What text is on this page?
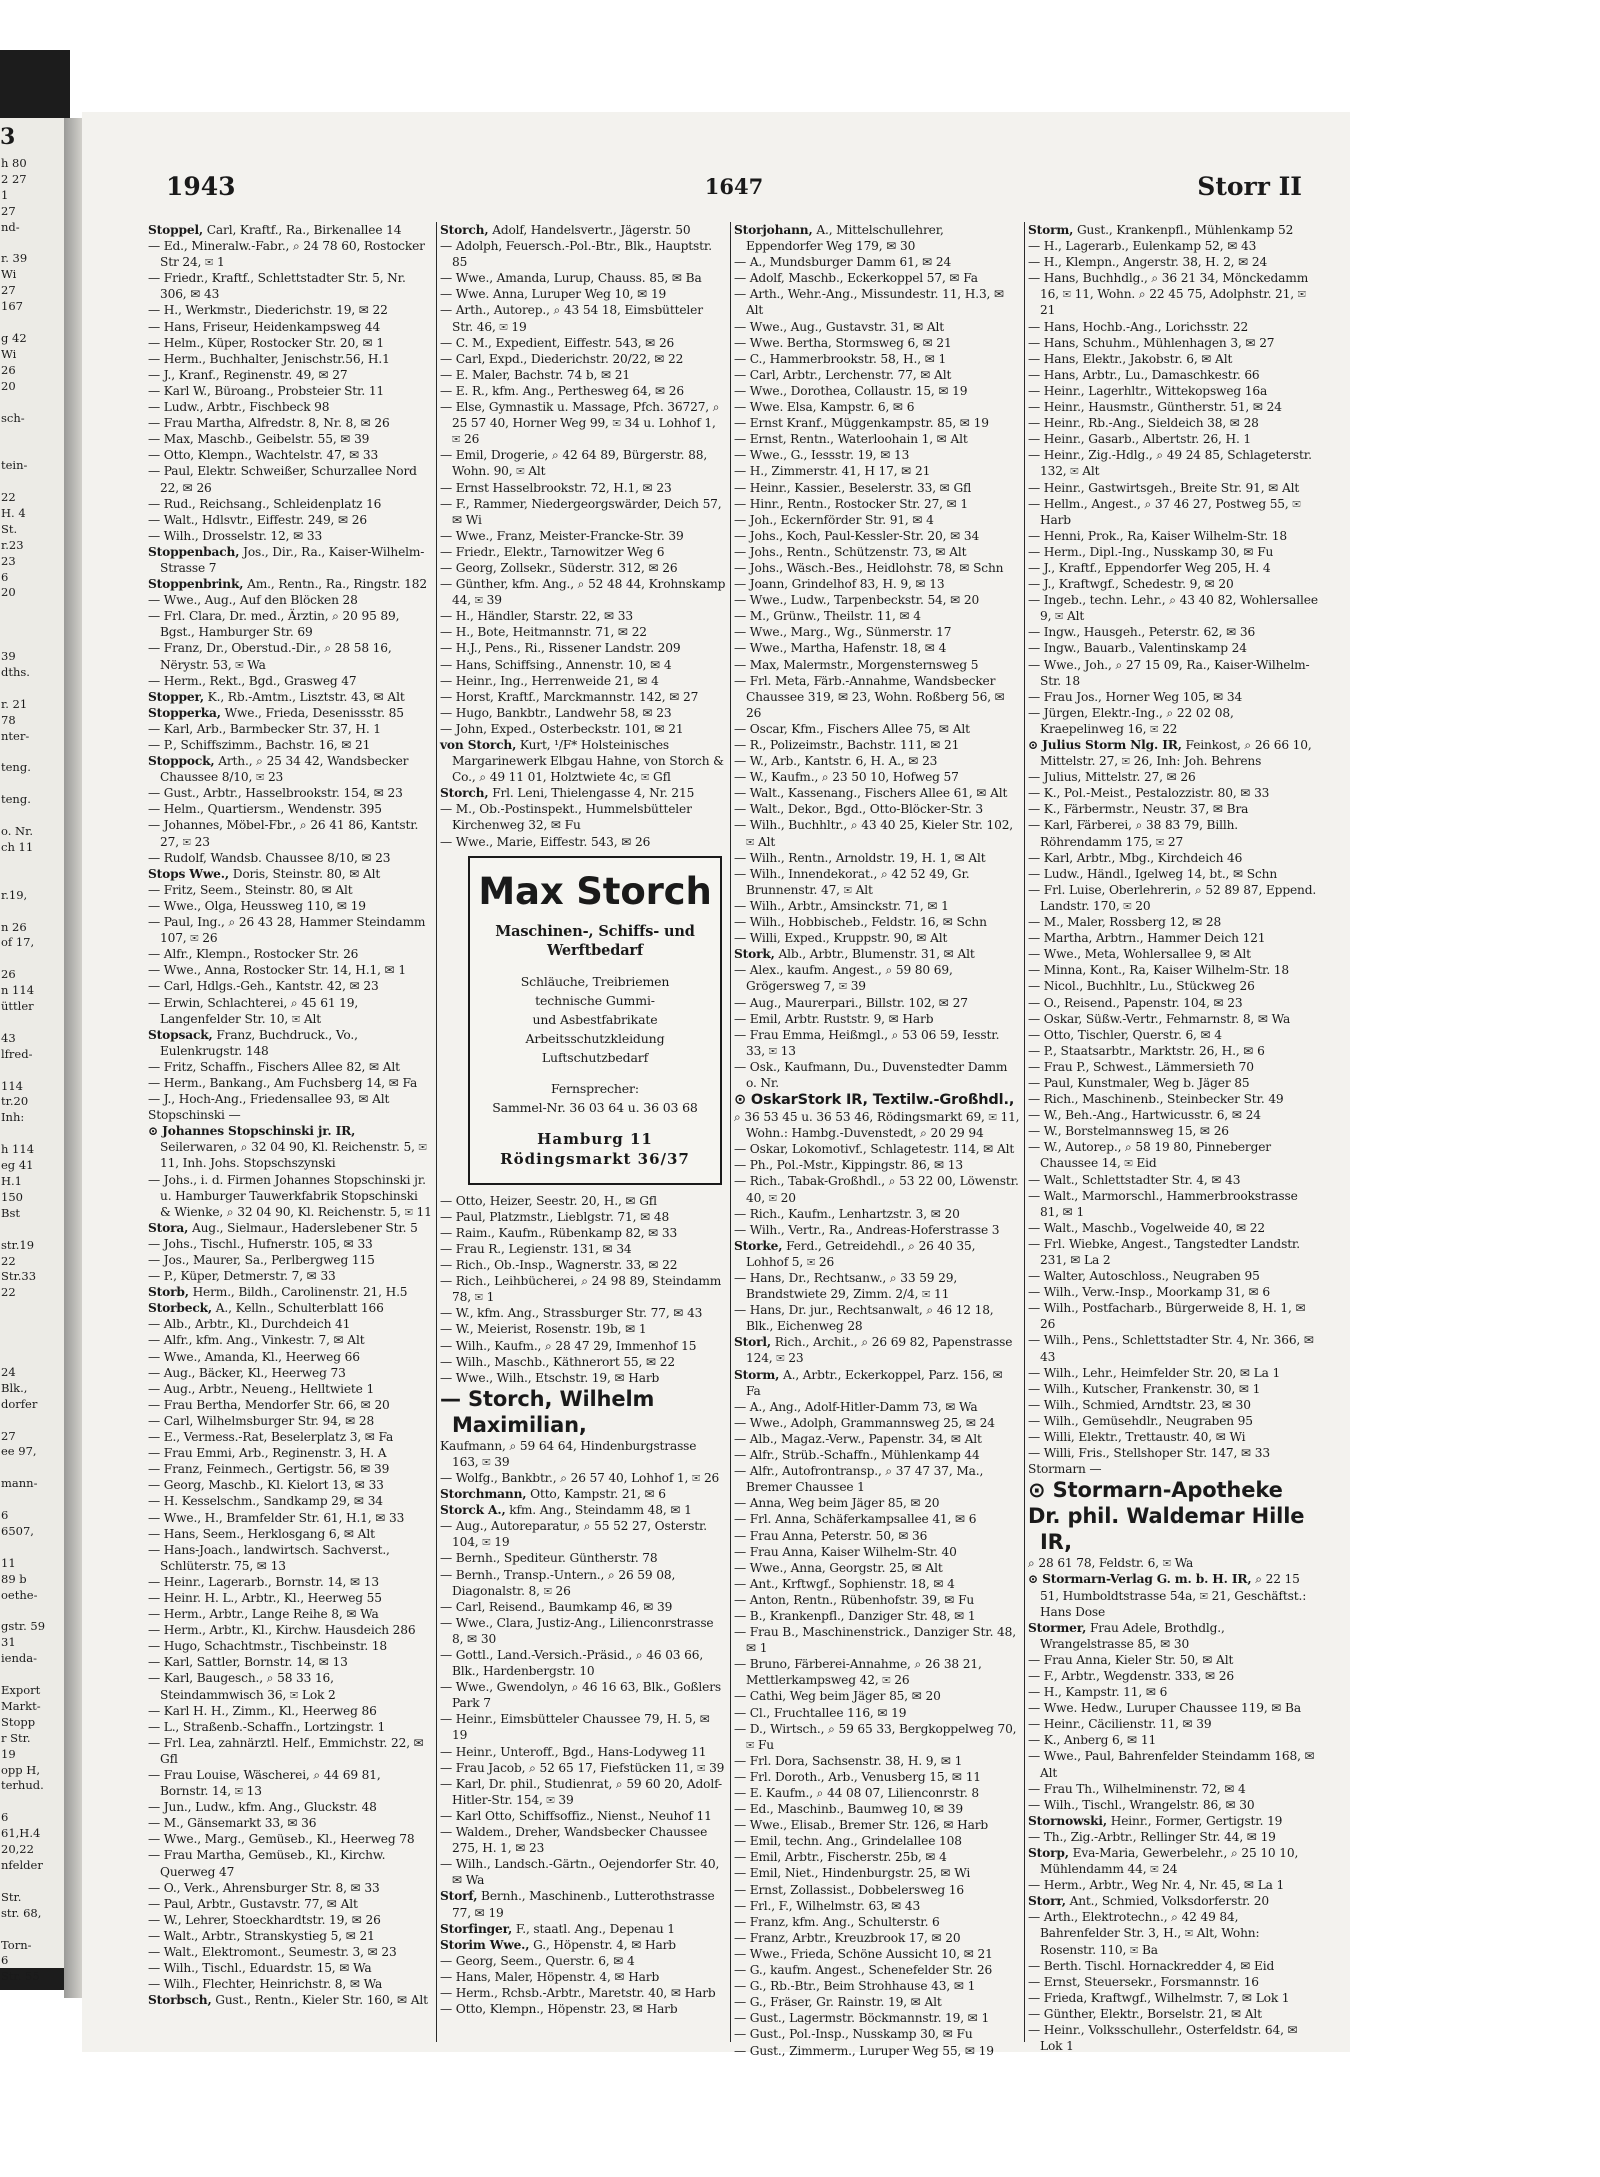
3
h 80
2 27
1
27
nd-

r. 39
Wi
27
167

g 42
Wi
26
20

sch-

tein-

22
H. 4
St.
r.23
23
6
20

39
dths.

r. 21
78
nter-

teng.

teng.

o. Nr.
ch 11

r.19,

n 26
of 17,

26
n 114
üttler

43
lfred-

114
tr.20
Inh:

h 114
eg 41
H.1
150
Bst

str.19
22
Str.33
22

24
Blk.,
dorfer

27
ee 97,

mann-

6
6507,

11
89 b
oethe-

gstr. 59
31
ienda-

Export
Markt-
Stopp
r Str.
19
opp H,
terhud.

6
61,H.4
20,22
nfelder

Str.
str. 68,

Torn-
6
Str. 55
1943	1647	Storr II
Stoppel, Carl, Kraftf., Ra., Birkenallee 14
— Ed., Mineralw.-Fabr., ⌕ 24 78 60, Rostocker Str 24, ✉ 1
— Friedr., Kraftf., Schlettstadter Str. 5, Nr. 306, ✉ 43
— H., Werkmstr., Diederichstr. 19, ✉ 22
— Hans, Friseur, Heidenkampsweg 44
— Helm., Küper, Rostocker Str. 20, ✉ 1
— Herm., Buchhalter, Jenischstr.56, H.1
— J., Kranf., Reginenstr. 49, ✉ 27
— Karl W., Büroang., Probsteier Str. 11
— Ludw., Arbtr., Fischbeck 98
— Frau Martha, Alfredstr. 8, Nr. 8, ✉ 26
— Max, Maschb., Geibelstr. 55, ✉ 39
— Otto, Klempn., Wachtelstr. 47, ✉ 33
— Paul, Elektr. Schweißer, Schurzallee Nord 22, ✉ 26
— Rud., Reichsang., Schleidenplatz 16
— Walt., Hdlsvtr., Eiffestr. 249, ✉ 26
— Wilh., Drosselstr. 12, ✉ 33
Stoppenbach, Jos., Dir., Ra., Kaiser-Wilhelm-Strasse 7
Stoppenbrink, Am., Rentn., Ra., Ringstr. 182
— Wwe., Aug., Auf den Blöcken 28
— Frl. Clara, Dr. med., Ärztin, ⌕ 20 95 89, Bgst., Hamburger Str. 69
— Franz, Dr., Oberstud.-Dir., ⌕ 28 58 16, Nërystr. 53, ✉ Wa
— Herm., Rekt., Bgd., Grasweg 47
Stopper, K., Rb.-Amtm., Lisztstr. 43, ✉ Alt
Stopperka, Wwe., Frieda, Desenissstr. 85
— Karl, Arb., Barmbecker Str. 37, H. 1
— P., Schiffszimm., Bachstr. 16, ✉ 21
Stoppock, Arth., ⌕ 25 34 42, Wandsbecker Chaussee 8/10, ✉ 23
— Gust., Arbtr., Hasselbrookstr. 154, ✉ 23
— Helm., Quartiersm., Wendenstr. 395
— Johannes, Möbel-Fbr., ⌕ 26 41 86, Kantstr. 27, ✉ 23
— Rudolf, Wandsb. Chaussee 8/10, ✉ 23
Stops Wwe., Doris, Steinstr. 80, ✉ Alt
— Fritz, Seem., Steinstr. 80, ✉ Alt
— Wwe., Olga, Heussweg 110, ✉ 19
— Paul, Ing., ⌕ 26 43 28, Hammer Steindamm 107, ✉ 26
— Alfr., Klempn., Rostocker Str. 26
— Wwe., Anna, Rostocker Str. 14, H.1, ✉ 1
— Carl, Hdlgs.-Geh., Kantstr. 42, ✉ 23
— Erwin, Schlachterei, ⌕ 45 61 19, Langenfelder Str. 10, ✉ Alt
Stopsack, Franz, Buchdruck., Vo., Eulenkrugstr. 148
— Fritz, Schaffn., Fischers Allee 82, ✉ Alt
— Herm., Bankang., Am Fuchsberg 14, ✉ Fa
— J., Hoch-Ang., Friedensallee 93, ✉ Alt
Stopschinski —
⊙ Johannes Stopschinski jr. IR, Seilerwaren, ⌕ 32 04 90, Kl. Reichenstr. 5, ✉ 11, Inh. Johs. Stopschszynski
— Johs., i. d. Firmen Johannes Stopschinski jr. u. Hamburger Tauwerkfabrik Stopschinski & Wienke, ⌕ 32 04 90, Kl. Reichenstr. 5, ✉ 11
Stora, Aug., Sielmaur., Haderslebener Str. 5
— Johs., Tischl., Hufnerstr. 105, ✉ 33
— Jos., Maurer, Sa., Perlbergweg 115
— P., Küper, Detmerstr. 7, ✉ 33
Storb, Herm., Bildh., Carolinenstr. 21, H.5
Storbeck, A., Kelln., Schulterblatt 166
— Alb., Arbtr., Kl., Durchdeich 41
— Alfr., kfm. Ang., Vinkestr. 7, ✉ Alt
— Wwe., Amanda, Kl., Heerweg 66
— Aug., Bäcker, Kl., Heerweg 73
— Aug., Arbtr., Neueng., Helltwiete 1
— Frau Bertha, Mendorfer Str. 66, ✉ 20
— Carl, Wilhelmsburger Str. 94, ✉ 28
— E., Vermess.-Rat, Beselerplatz 3, ✉ Fa
— Frau Emmi, Arb., Reginenstr. 3, H. A
— Franz, Feinmech., Gertigstr. 56, ✉ 39
— Georg, Maschb., Kl. Kielort 13, ✉ 33
— H. Kesselschm., Sandkamp 29, ✉ 34
— Wwe., H., Bramfelder Str. 61, H.1, ✉ 33
— Hans, Seem., Herklosgang 6, ✉ Alt
— Hans-Joach., landwirtsch. Sachverst., Schlüterstr. 75, ✉ 13
— Heinr., Lagerarb., Bornstr. 14, ✉ 13
— Heinr. H. L., Arbtr., Kl., Heerweg 55
— Herm., Arbtr., Lange Reihe 8, ✉ Wa
— Herm., Arbtr., Kl., Kirchw. Hausdeich 286
— Hugo, Schachtmstr., Tischbeinstr. 18
— Karl, Sattler, Bornstr. 14, ✉ 13
— Karl, Baugesch., ⌕ 58 33 16, Steindammwisch 36, ✉ Lok 2
— Karl H. H., Zimm., Kl., Heerweg 86
— L., Straßenb.-Schaffn., Lortzingstr. 1
— Frl. Lea, zahnärztl. Helf., Emmichstr. 22, ✉ Gfl
— Frau Louise, Wäscherei, ⌕ 44 69 81, Bornstr. 14, ✉ 13
— Jun., Ludw., kfm. Ang., Gluckstr. 48
— M., Gänsemarkt 33, ✉ 36
— Wwe., Marg., Gemüseb., Kl., Heerweg 78
— Frau Martha, Gemüseb., Kl., Kirchw. Querweg 47
— O., Verk., Ahrensburger Str. 8, ✉ 33
— Paul, Arbtr., Gustavstr. 77, ✉ Alt
— W., Lehrer, Stoeckhardtstr. 19, ✉ 26
— Walt., Arbtr., Stranskystieg 5, ✉ 21
— Walt., Elektromont., Seumestr. 3, ✉ 23
— Wilh., Tischl., Eduardstr. 15, ✉ Wa
— Wilh., Flechter, Heinrichstr. 8, ✉ Wa
Storbsch, Gust., Rentn., Kieler Str. 160, ✉ Alt
Storch, Adolf, Handelsvertr., Jägerstr. 50
— Adolph, Feuersch.-Pol.-Btr., Blk., Hauptstr. 85
— Wwe., Amanda, Lurup, Chauss. 85, ✉ Ba
— Wwe. Anna, Luruper Weg 10, ✉ 19
— Arth., Autorep., ⌕ 43 54 18, Eimsbütteler Str. 46, ✉ 19
— C. M., Expedient, Eiffestr. 543, ✉ 26
— Carl, Expd., Diederichstr. 20/22, ✉ 22
— E. Maler, Bachstr. 74 b, ✉ 21
— E. R., kfm. Ang., Perthesweg 64, ✉ 26
— Else, Gymnastik u. Massage, Pfch. 36727, ⌕ 25 57 40, Horner Weg 99, ✉ 34 u. Lohhof 1, ✉ 26
— Emil, Drogerie, ⌕ 42 64 89, Bürgerstr. 88, Wohn. 90, ✉ Alt
— Ernst Hasselbrookstr. 72, H.1, ✉ 23
— F., Rammer, Niedergeorgswärder, Deich 57, ✉ Wi
— Wwe., Franz, Meister-Francke-Str. 39
— Friedr., Elektr., Tarnowitzer Weg 6
— Georg, Zollsekr., Süderstr. 312, ✉ 26
— Günther, kfm. Ang., ⌕ 52 48 44, Krohnskamp 44, ✉ 39
— H., Händler, Starstr. 22, ✉ 33
— H., Bote, Heitmannstr. 71, ✉ 22
— H.J., Pens., Ri., Rissener Landstr. 209
— Hans, Schiffsing., Annenstr. 10, ✉ 4
— Heinr., Ing., Herrenweide 21, ✉ 4
— Horst, Kraftf., Marckmannstr. 142, ✉ 27
— Hugo, Bankbtr., Landwehr 58, ✉ 23
— John, Exped., Osterbeckstr. 101, ✉ 21
von Storch, Kurt, ¹/F* Holsteinisches Margarinewerk Elbgau Hahne, von Storch & Co., ⌕ 49 11 01, Holztwiete 4c, ✉ Gfl
Storch, Frl. Leni, Thielengasse 4, Nr. 215
— M., Ob.-Postinspekt., Hummelsbütteler Kirchenweg 32, ✉ Fu
— Wwe., Marie, Eiffestr. 543, ✉ 26
Max Storch
Maschinen-, Schiffs- und
Werftbedarf
Schläuche, Treibriemen
technische Gummi-
und Asbestfabrikate
Arbeitsschutzkleidung
Luftschutzbedarf
Fernsprecher:
Sammel-Nr. 36 03 64 u. 36 03 68
Hamburg 11
Rödingsmarkt 36/37
— Otto, Heizer, Seestr. 20, H., ✉ Gfl
— Paul, Platzmstr., Lieblgstr. 71, ✉ 48
— Raim., Kaufm., Rübenkamp 82, ✉ 33
— Frau R., Legienstr. 131, ✉ 34
— Rich., Ob.-Insp., Wagnerstr. 33, ✉ 22
— Rich., Leihbücherei, ⌕ 24 98 89, Steindamm 78, ✉ 1
— W., kfm. Ang., Strassburger Str. 77, ✉ 43
— W., Meierist, Rosenstr. 19b, ✉ 1
— Wilh., Kaufm., ⌕ 28 47 29, Immenhof 15
— Wilh., Maschb., Käthnerort 55, ✉ 22
— Wwe., Wilh., Etschstr. 19, ✉ Harb
— Storch, Wilhelm Maximilian,
Kaufmann, ⌕ 59 64 64, Hindenburgstrasse 163, ✉ 39
— Wolfg., Bankbtr., ⌕ 26 57 40, Lohhof 1, ✉ 26
Storchmann, Otto, Kampstr. 21, ✉ 6
Storck A., kfm. Ang., Steindamm 48, ✉ 1
— Aug., Autoreparatur, ⌕ 55 52 27, Osterstr. 104, ✉ 19
— Bernh., Spediteur. Güntherstr. 78
— Bernh., Transp.-Untern., ⌕ 26 59 08, Diagonalstr. 8, ✉ 26
— Carl, Reisend., Baumkamp 46, ✉ 39
— Wwe., Clara, Justiz-Ang., Lilienconrstrasse 8, ✉ 30
— Gottl., Land.-Versich.-Präsid., ⌕ 46 03 66, Blk., Hardenbergstr. 10
— Wwe., Gwendolyn, ⌕ 46 16 63, Blk., Goßlers Park 7
— Heinr., Eimsbütteler Chaussee 79, H. 5, ✉ 19
— Heinr., Unteroff., Bgd., Hans-Lodyweg 11
— Frau Jacob, ⌕ 52 65 17, Fiefstücken 11, ✉ 39
— Karl, Dr. phil., Studienrat, ⌕ 59 60 20, Adolf-Hitler-Str. 154, ✉ 39
— Karl Otto, Schiffsoffiz., Nienst., Neuhof 11
— Waldem., Dreher, Wandsbecker Chaussee 275, H. 1, ✉ 23
— Wilh., Landsch.-Gärtn., Oejendorfer Str. 40, ✉ Wa
Storf, Bernh., Maschinenb., Lutterothstrasse 77, ✉ 19
Storfinger, F., staatl. Ang., Depenau 1
Storim Wwe., G., Höpenstr. 4, ✉ Harb
— Georg, Seem., Querstr. 6, ✉ 4
— Hans, Maler, Höpenstr. 4, ✉ Harb
— Herm., Rchsb.-Arbtr., Maretstr. 40, ✉ Harb
— Otto, Klempn., Höpenstr. 23, ✉ Harb
Storjohann, A., Mittelschullehrer, Eppendorfer Weg 179, ✉ 30
— A., Mundsburger Damm 61, ✉ 24
— Adolf, Maschb., Eckerkoppel 57, ✉ Fa
— Arth., Wehr.-Ang., Missundestr. 11, H.3, ✉ Alt
— Wwe., Aug., Gustavstr. 31, ✉ Alt
— Wwe. Bertha, Stormsweg 6, ✉ 21
— C., Hammerbrookstr. 58, H., ✉ 1
— Carl, Arbtr., Lerchenstr. 77, ✉ Alt
— Wwe., Dorothea, Collaustr. 15, ✉ 19
— Wwe. Elsa, Kampstr. 6, ✉ 6
— Ernst Kranf., Müggenkampstr. 85, ✉ 19
— Ernst, Rentn., Waterloohain 1, ✉ Alt
— Wwe., G., Iessstr. 19, ✉ 13
— H., Zimmerstr. 41, H 17, ✉ 21
— Heinr., Kassier., Beselerstr. 33, ✉ Gfl
— Hinr., Rentn., Rostocker Str. 27, ✉ 1
— Joh., Eckernförder Str. 91, ✉ 4
— Johs., Koch, Paul-Kessler-Str. 20, ✉ 34
— Johs., Rentn., Schützenstr. 73, ✉ Alt
— Johs., Wäsch.-Bes., Heidlohstr. 78, ✉ Schn
— Joann, Grindelhof 83, H. 9, ✉ 13
— Wwe., Ludw., Tarpenbeckstr. 54, ✉ 20
— M., Grünw., Theilstr. 11, ✉ 4
— Wwe., Marg., Wg., Sünmerstr. 17
— Wwe., Martha, Hafenstr. 18, ✉ 4
— Max, Malermstr., Morgensternsweg 5
— Frl. Meta, Färb.-Annahme, Wandsbecker Chaussee 319, ✉ 23, Wohn. Roßberg 56, ✉ 26
— Oscar, Kfm., Fischers Allee 75, ✉ Alt
— R., Polizeimstr., Bachstr. 111, ✉ 21
— W., Arb., Kantstr. 6, H. A., ✉ 23
— W., Kaufm., ⌕ 23 50 10, Hofweg 57
— Walt., Kassenang., Fischers Allee 61, ✉ Alt
— Walt., Dekor., Bgd., Otto-Blöcker-Str. 3
— Wilh., Buchhltr., ⌕ 43 40 25, Kieler Str. 102, ✉ Alt
— Wilh., Rentn., Arnoldstr. 19, H. 1, ✉ Alt
— Wilh., Innendekorat., ⌕ 42 52 49, Gr. Brunnenstr. 47, ✉ Alt
— Wilh., Arbtr., Amsinckstr. 71, ✉ 1
— Wilh., Hobbischeb., Feldstr. 16, ✉ Schn
— Willi, Exped., Kruppstr. 90, ✉ Alt
Stork, Alb., Arbtr., Blumenstr. 31, ✉ Alt
— Alex., kaufm. Angest., ⌕ 59 80 69, Grögersweg 7, ✉ 39
— Aug., Maurerpari., Billstr. 102, ✉ 27
— Emil, Arbtr. Ruststr. 9, ✉ Harb
— Frau Emma, Heißmgl., ⌕ 53 06 59, Iesstr. 33, ✉ 13
— Osk., Kaufmann, Du., Duvenstedter Damm o. Nr.
⊙ OskarStork IR, Textilw.-Großhdl.,
⌕ 36 53 45 u. 36 53 46, Rödingsmarkt 69, ✉ 11, Wohn.: Hambg.-Duvenstedt, ⌕ 20 29 94
— Oskar, Lokomotivf., Schlagetestr. 114, ✉ Alt
— Ph., Pol.-Mstr., Kippingstr. 86, ✉ 13
— Rich., Tabak-Großhdl., ⌕ 53 22 00, Löwenstr. 40, ✉ 20
— Rich., Kaufm., Lenhartzstr. 3, ✉ 20
— Wilh., Vertr., Ra., Andreas-Hoferstrasse 3
Storke, Ferd., Getreidehdl., ⌕ 26 40 35, Lohhof 5, ✉ 26
— Hans, Dr., Rechtsanw., ⌕ 33 59 29, Brandstwiete 29, Zimm. 2/4, ✉ 11
— Hans, Dr. jur., Rechtsanwalt, ⌕ 46 12 18, Blk., Eichenweg 28
Storl, Rich., Archit., ⌕ 26 69 82, Papenstrasse 124, ✉ 23
Storm, A., Arbtr., Eckerkoppel, Parz. 156, ✉ Fa
— A., Ang., Adolf-Hitler-Damm 73, ✉ Wa
— Wwe., Adolph, Grammannsweg 25, ✉ 24
— Alb., Magaz.-Verw., Papenstr. 34, ✉ Alt
— Alfr., Strüb.-Schaffn., Mühlenkamp 44
— Alfr., Autofrontransp., ⌕ 37 47 37, Ma., Bremer Chaussee 1
— Anna, Weg beim Jäger 85, ✉ 20
— Frl. Anna, Schäferkampsallee 41, ✉ 6
— Frau Anna, Peterstr. 50, ✉ 36
— Frau Anna, Kaiser Wilhelm-Str. 40
— Wwe., Anna, Georgstr. 25, ✉ Alt
— Ant., Krftwgf., Sophienstr. 18, ✉ 4
— Anton, Rentn., Rübenhofstr. 39, ✉ Fu
— B., Krankenpfl., Danziger Str. 48, ✉ 1
— Frau B., Maschinenstrick., Danziger Str. 48, ✉ 1
— Bruno, Färberei-Annahme, ⌕ 26 38 21, Mettlerkampsweg 42, ✉ 26
— Cathi, Weg beim Jäger 85, ✉ 20
— Cl., Fruchtallee 116, ✉ 19
— D., Wirtsch., ⌕ 59 65 33, Bergkoppelweg 70, ✉ Fu
— Frl. Dora, Sachsenstr. 38, H. 9, ✉ 1
— Frl. Doroth., Arb., Venusberg 15, ✉ 11
— E. Kaufm., ⌕ 44 08 07, Lilienconrstr. 8
— Ed., Maschinb., Baumweg 10, ✉ 39
— Wwe., Elisab., Bremer Str. 126, ✉ Harb
— Emil, techn. Ang., Grindelallee 108
— Emil, Arbtr., Fischerstr. 25b, ✉ 4
— Emil, Niet., Hindenburgstr. 25, ✉ Wi
— Ernst, Zollassist., Dobbelersweg 16
— Frl., F., Wilhelmstr. 63, ✉ 43
— Franz, kfm. Ang., Schulterstr. 6
— Franz, Arbtr., Kreuzbrook 17, ✉ 20
— Wwe., Frieda, Schöne Aussicht 10, ✉ 21
— G., kaufm. Angest., Schenefelder Str. 26
— G., Rb.-Btr., Beim Strohhause 43, ✉ 1
— G., Fräser, Gr. Rainstr. 19, ✉ Alt
— Gust., Lagermstr. Böckmannstr. 19, ✉ 1
— Gust., Pol.-Insp., Nusskamp 30, ✉ Fu
— Gust., Zimmerm., Luruper Weg 55, ✉ 19
Storm, Gust., Krankenpfl., Mühlenkamp 52
— H., Lagerarb., Eulenkamp 52, ✉ 43
— H., Klempn., Angerstr. 38, H. 2, ✉ 24
— Hans, Buchhdlg., ⌕ 36 21 34, Mönckedamm 16, ✉ 11, Wohn. ⌕ 22 45 75, Adolphstr. 21, ✉ 21
— Hans, Hochb.-Ang., Lorichsstr. 22
— Hans, Schuhm., Mühlenhagen 3, ✉ 27
— Hans, Elektr., Jakobstr. 6, ✉ Alt
— Hans, Arbtr., Lu., Damaschkestr. 66
— Heinr., Lagerhltr., Wittekopsweg 16a
— Heinr., Hausmstr., Güntherstr. 51, ✉ 24
— Heinr., Rb.-Ang., Sieldeich 38, ✉ 28
— Heinr., Gasarb., Albertstr. 26, H. 1
— Heinr., Zig.-Hdlg., ⌕ 49 24 85, Schlageterstr. 132, ✉ Alt
— Heinr., Gastwirtsgeh., Breite Str. 91, ✉ Alt
— Hellm., Angest., ⌕ 37 46 27, Postweg 55, ✉ Harb
— Henni, Prok., Ra, Kaiser Wilhelm-Str. 18
— Herm., Dipl.-Ing., Nusskamp 30, ✉ Fu
— J., Kraftf., Eppendorfer Weg 205, H. 4
— J., Kraftwgf., Schedestr. 9, ✉ 20
— Ingeb., techn. Lehr., ⌕ 43 40 82, Wohlersallee 9, ✉ Alt
— Ingw., Hausgeh., Peterstr. 62, ✉ 36
— Ingw., Bauarb., Valentinskamp 24
— Wwe., Joh., ⌕ 27 15 09, Ra., Kaiser-Wilhelm-Str. 18
— Frau Jos., Horner Weg 105, ✉ 34
— Jürgen, Elektr.-Ing., ⌕ 22 02 08, Kraepelinweg 16, ✉ 22
⊙ Julius Storm Nlg. IR, Feinkost, ⌕ 26 66 10, Mittelstr. 27, ✉ 26, Inh: Joh. Behrens
— Julius, Mittelstr. 27, ✉ 26
— K., Pol.-Meist., Pestalozzistr. 80, ✉ 33
— K., Färbermstr., Neustr. 37, ✉ Bra
— Karl, Färberei, ⌕ 38 83 79, Billh. Röhrendamm 175, ✉ 27
— Karl, Arbtr., Mbg., Kirchdeich 46
— Ludw., Händl., Igelweg 14, bt., ✉ Schn
— Frl. Luise, Oberlehrerin, ⌕ 52 89 87, Eppend. Landstr. 170, ✉ 20
— M., Maler, Rossberg 12, ✉ 28
— Martha, Arbtrn., Hammer Deich 121
— Wwe., Meta, Wohlersallee 9, ✉ Alt
— Minna, Kont., Ra, Kaiser Wilhelm-Str. 18
— Nicol., Buchhltr., Lu., Stückweg 26
— O., Reisend., Papenstr. 104, ✉ 23
— Oskar, Süßw.-Vertr., Fehmarnstr. 8, ✉ Wa
— Otto, Tischler, Querstr. 6, ✉ 4
— P., Staatsarbtr., Marktstr. 26, H., ✉ 6
— Frau P., Schwest., Lämmersieth 70
— Paul, Kunstmaler, Weg b. Jäger 85
— Rich., Maschinenb., Steinbecker Str. 49
— W., Beh.-Ang., Hartwicusstr. 6, ✉ 24
— W., Borstelmannsweg 15, ✉ 26
— W., Autorep., ⌕ 58 19 80, Pinneberger Chaussee 14, ✉ Eid
— Walt., Schlettstadter Str. 4, ✉ 43
— Walt., Marmorschl., Hammerbrookstrasse 81, ✉ 1
— Walt., Maschb., Vogelweide 40, ✉ 22
— Frl. Wiebke, Angest., Tangstedter Landstr. 231, ✉ La 2
— Walter, Autoschloss., Neugraben 95
— Wilh., Verw.-Insp., Moorkamp 31, ✉ 6
— Wilh., Postfacharb., Bürgerweide 8, H. 1, ✉ 26
— Wilh., Pens., Schlettstadter Str. 4, Nr. 366, ✉ 43
— Wilh., Lehr., Heimfelder Str. 20, ✉ La 1
— Wilh., Kutscher, Frankenstr. 30, ✉ 1
— Wilh., Schmied, Arndtstr. 23, ✉ 30
— Wilh., Gemüsehdlr., Neugraben 95
— Willi, Elektr., Trettaustr. 40, ✉ Wi
— Willi, Fris., Stellshoper Str. 147, ✉ 33
Stormarn —
⊙ Stormarn-Apotheke
Dr. phil. Waldemar Hille IR,
⌕ 28 61 78, Feldstr. 6, ✉ Wa
⊙ Stormarn-Verlag G. m. b. H. IR, ⌕ 22 15 51, Humboldtstrasse 54a, ✉ 21, Geschäftst.: Hans Dose
Stormer, Frau Adele, Brothdlg., Wrangelstrasse 85, ✉ 30
— Frau Anna, Kieler Str. 50, ✉ Alt
— F., Arbtr., Wegdenstr. 333, ✉ 26
— H., Kampstr. 11, ✉ 6
— Wwe. Hedw., Luruper Chaussee 119, ✉ Ba
— Heinr., Cäcilienstr. 11, ✉ 39
— K., Anberg 6, ✉ 11
— Wwe., Paul, Bahrenfelder Steindamm 168, ✉ Alt
— Frau Th., Wilhelminenstr. 72, ✉ 4
— Wilh., Tischl., Wrangelstr. 86, ✉ 30
Stornowski, Heinr., Former, Gertigstr. 19
— Th., Zig.-Arbtr., Rellinger Str. 44, ✉ 19
Storp, Eva-Maria, Gewerbelehr., ⌕ 25 10 10, Mühlendamm 44, ✉ 24
— Herm., Arbtr., Weg Nr. 4, Nr. 45, ✉ La 1
Storr, Ant., Schmied, Volksdorferstr. 20
— Arth., Elektrotechn., ⌕ 42 49 84, Bahrenfelder Str. 3, H., ✉ Alt, Wohn: Rosenstr. 110, ✉ Ba
— Berth. Tischl. Hornackredder 4, ✉ Eid
— Ernst, Steuersekr., Forsmannstr. 16
— Frieda, Kraftwgf., Wilhelmstr. 7, ✉ Lok 1
— Günther, Elektr., Borselstr. 21, ✉ Alt
— Heinr., Volksschullehr., Osterfeldstr. 64, ✉ Lok 1
